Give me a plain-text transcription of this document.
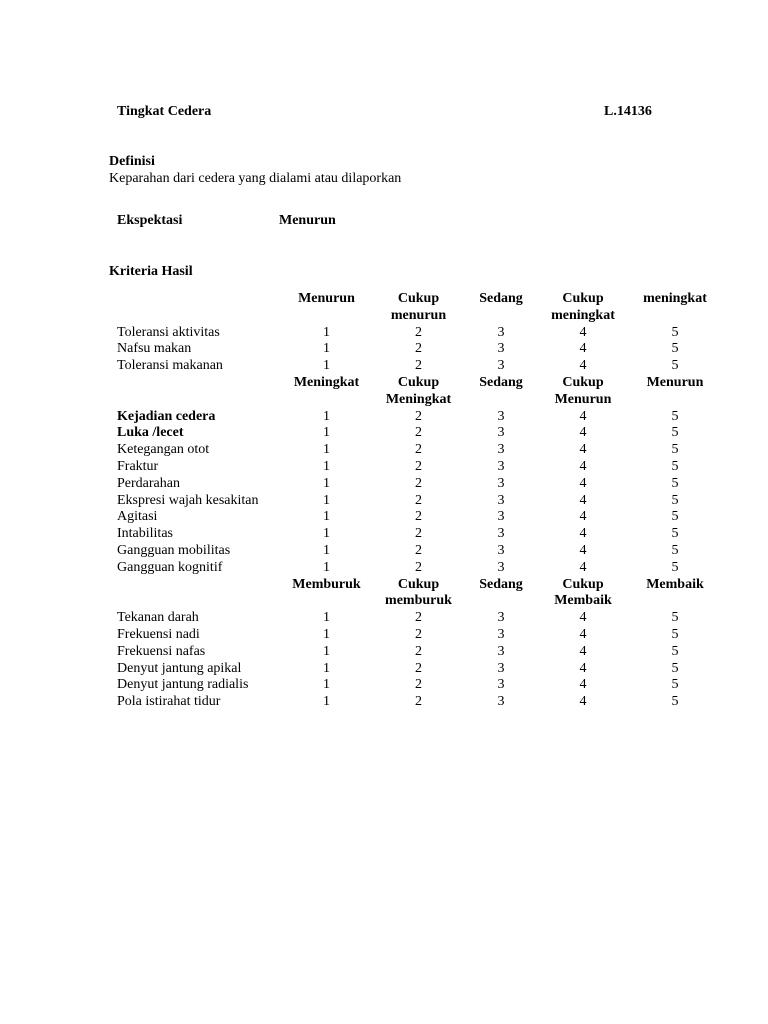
Tingkat Cedera	L.14136
Definisi
Keparahan dari cedera yang dialami atau dilaporkan
Ekspektasi	Menurun
Kriteria Hasil
	Menurun	Cukup	Sedang	Cukup	meningkat
		menurun		meningkat	
Toleransi aktivitas	1	2	3	4	5
Nafsu makan	1	2	3	4	5
Toleransi makanan	1	2	3	4	5
	Meningkat	Cukup	Sedang	Cukup	Menurun
		Meningkat		Menurun	
Kejadian cedera	1	2	3	4	5
Luka /lecet	1	2	3	4	5
Ketegangan otot	1	2	3	4	5
Fraktur	1	2	3	4	5
Perdarahan	1	2	3	4	5
Ekspresi wajah kesakitan	1	2	3	4	5
Agitasi	1	2	3	4	5
Intabilitas	1	2	3	4	5
Gangguan mobilitas	1	2	3	4	5
Gangguan kognitif	1	2	3	4	5
	Memburuk	Cukup	Sedang	Cukup	Membaik
		memburuk		Membaik	
Tekanan darah	1	2	3	4	5
Frekuensi nadi	1	2	3	4	5
Frekuensi nafas	1	2	3	4	5
Denyut jantung apikal	1	2	3	4	5
Denyut jantung radialis	1	2	3	4	5
Pola istirahat tidur	1	2	3	4	5
